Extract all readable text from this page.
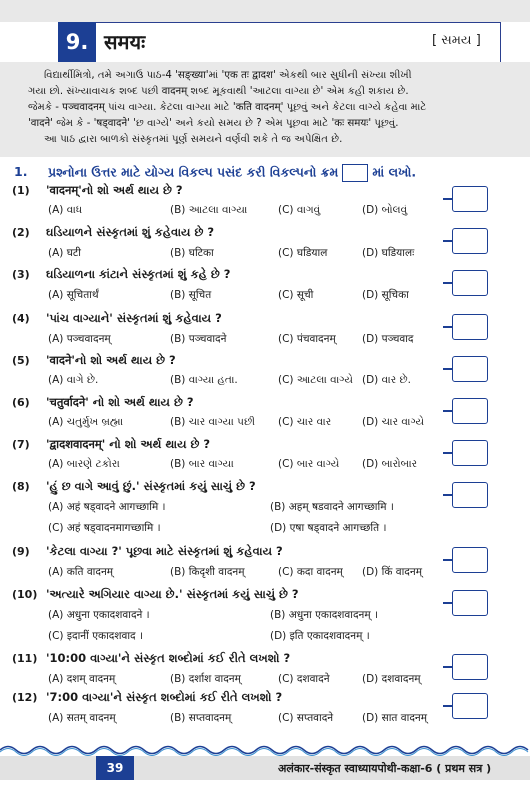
9. समयः	[ સમય ]

વિદ્યાર્થીમિત્રો, તમે અગાઉ પાઠ-4 'सङ्ख्या'માં 'एक तः द्वादश' એકથી બાર સુધીની સંખ્યા શીખી

ગયા છો. સંખ્યાવાચક શબ્દ પછી वादनम् શબ્દ મૂકવાથી 'આટલા વાગ્યા છે' એમ કહી શકાય છે.

જેમકે - पञ्चवादनम् પાંચ વાગ્યા. કેટલા વાગ્યા માટે 'कति वादनम्' પૂછવું અને કેટલા વાગ્યે કહેવા માટે

'वादने' જેમ કે - 'षड्वादने' 'છ વાગ્યે' અને કયો સમય છે ? એમ પૂછવા માટે 'कः समयः' પૂછવું.

આ પાઠ દ્વારા બાળકો સંસ્કૃતમાં પૂર્ણ સમયને વર્ણવી શકે તે જ અપેક્ષિત છે.

1. પ્રશ્નોના ઉત્તર માટે યોગ્ય વિકલ્પ પસંદ કરી વિકલ્પનો ક્રમ	માં લખો.
(1) 'वादनम्'નો શો અર્થ થાય છે ?
(A) વાધ	(B) આટલા વાગ્યા	(C) વાગવું	(D) બોલવું
(2) ઘડિયાળને સંસ્કૃતમાં શું કહેવાય છે ?
(A) घटी	(B) घटिका	(C) घडियाल	(D) घडियालः
(3) ઘડિયાળના કાંટાને સંસ્કૃતમાં શું કહે છે ?
(A) सूचितार्थं	(B) सूचित	(C) सूची	(D) सूचिका
(4) 'પાંચ વાગ્યાને' સંસ્કૃતમાં શું કહેવાય ?
(A) पञ्चवादनम्	(B) पञ्चवादने	(C) पंचवादनम्	(D) पञ्चवाद
(5) 'वादने'નો શો અર્થ થાય છે ?
(A) વાગે છે.	(B) વાગ્યા હતા.	(C) આટલા વાગ્યે (D) વાર છે.
(6) 'चतुर्वादने' નો શો અર્થ થાય છે ?
(A) ચતુર્મુખ બ્રહ્મા	(B) ચાર વાગ્યા પછી (C) ચાર વાર	(D) ચાર વાગ્યે
(7) 'द्वादशवादनम्' નો શો અર્થ થાય છે ?
(A) બારણે ટકોરા	(B) બાર વાગ્યા	(C) બાર વાગ્યે (D) બારોબાર
(8) 'હું છ વાગે આવું છું.' સંસ્કૃતમાં કયું સાચું છે ?
(A) अहं षड्वादने आगच्छामि ।	(B) अहम् षडवादने आगच्छामि ।
(C) अहं षड्वादनमागच्छामि ।	(D) एषा षड्वादने आगच्छति ।
(9) 'કેટલા વાગ્યા ?' પૂછવા માટે સંસ્કૃતમાં શું કહેવાય ?
(A) कति वादनम्	(B) किदृशी वादनम्	(C) कदा वादनम् (D) किं वादनम्
(10) 'અત્યારે અગિયાર વાગ્યા છે.' સંસ્કૃતમાં કયું સાચું છે ?
(A) अधुना एकादशवादने ।	(B) अधुना एकादशवादनम् ।
(C) इदानीं एकादशवाद ।	(D) इति एकादशवादनम् ।
(11) '10:00 વાગ્યા'ને સંસ્કૃત શબ્દોમાં કઈ રીતે લખશો ?
(A) दशम् वादनम्	(B) दर्शाश वादनम्	(C) दशवादने	(D) दशवादनम्
(12) '7:00 વાગ્યા'ને સંસ્કૃત શબ્દોમાં કઈ રીતે લખશો ?
(A) सतम् वादनम्	(B) सप्तवादनम्	(C) सप्तवादने	(D) सात वादनम्
39	अलंकार-संस्कृत स्वाध्यायपोथी-कक्षा-6 ( प्रथम सत्र )
